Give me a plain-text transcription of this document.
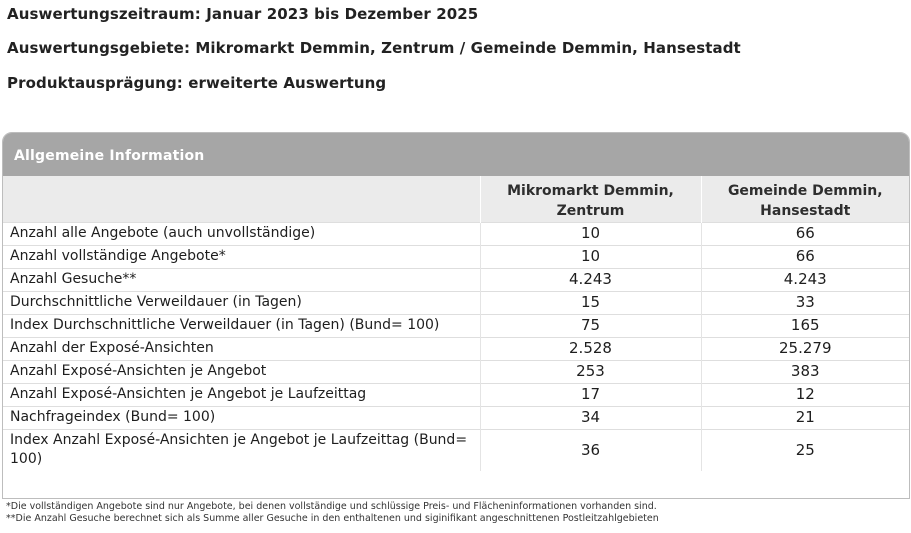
Auswertungszeitraum: Januar 2023 bis Dezember 2025
Auswertungsgebiete: Mikromarkt Demmin, Zentrum / Gemeinde Demmin, Hansestadt
Produktausprägung: erweiterte Auswertung
Allgemeine Information
	Mikromarkt Demmin, Zentrum	Gemeinde Demmin, Hansestadt
Anzahl alle Angebote (auch unvollständige)	10	66
Anzahl vollständige Angebote*	10	66
Anzahl Gesuche**	4.243	4.243
Durchschnittliche Verweildauer (in Tagen)	15	33
Index Durchschnittliche Verweildauer (in Tagen) (Bund= 100)	75	165
Anzahl der Exposé-Ansichten	2.528	25.279
Anzahl Exposé-Ansichten je Angebot	253	383
Anzahl Exposé-Ansichten je Angebot je Laufzeittag	17	12
Nachfrageindex (Bund= 100)	34	21
Index Anzahl Exposé-Ansichten je Angebot je Laufzeittag (Bund= 100)	36	25
*Die vollständigen Angebote sind nur Angebote, bei denen vollständige und schlüssige Preis- und Flächeninformationen vorhanden sind.
**Die Anzahl Gesuche berechnet sich als Summe aller Gesuche in den enthaltenen und siginifikant angeschnittenen Postleitzahlgebieten
